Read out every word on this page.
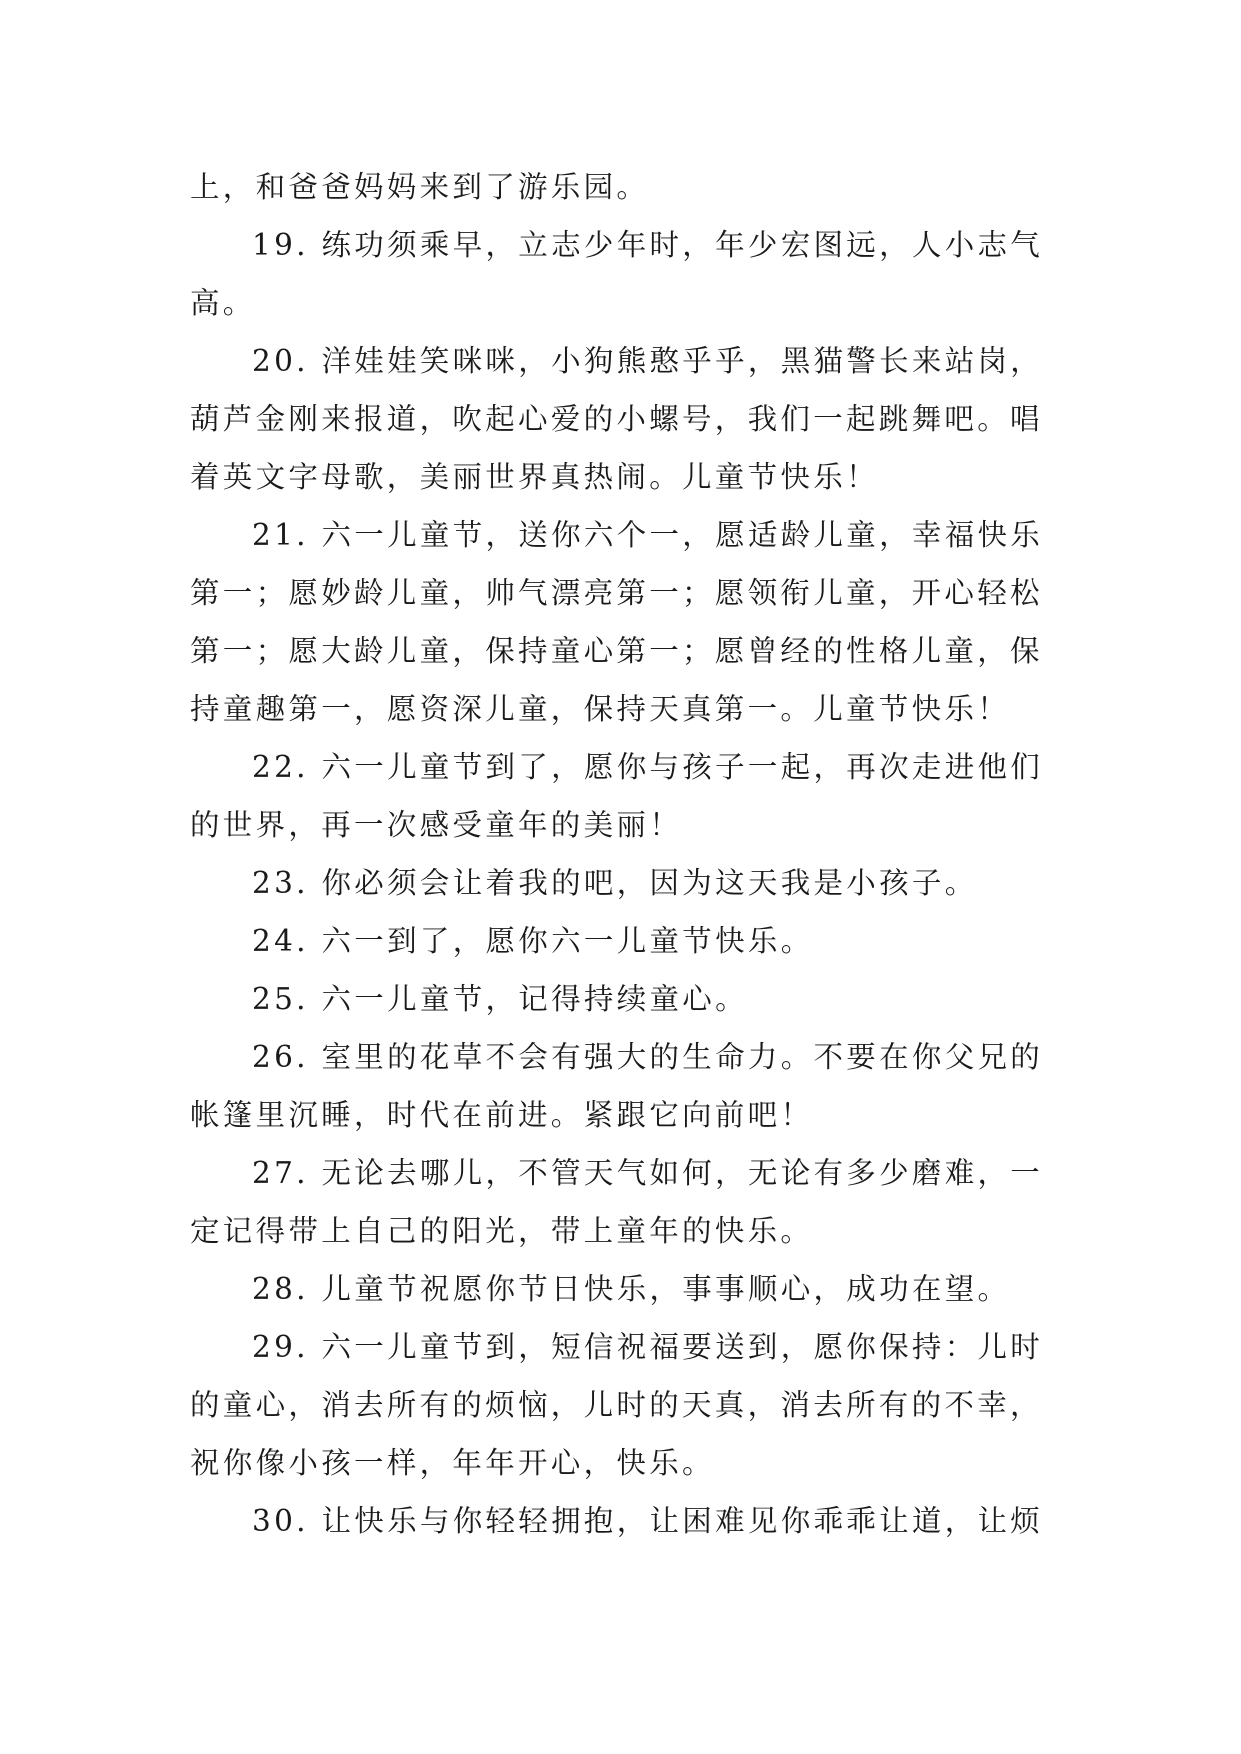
上，和爸爸妈妈来到了游乐园。

19. 练功须乘早，立志少年时，年少宏图远，人小志气高。

20. 洋娃娃笑咪咪，小狗熊憨乎乎，黑猫警长来站岗，葫芦金刚来报道，吹起心爱的小螺号，我们一起跳舞吧。唱着英文字母歌，美丽世界真热闹。儿童节快乐！

21. 六一儿童节，送你六个一，愿适龄儿童，幸福快乐第一；愿妙龄儿童，帅气漂亮第一；愿领衔儿童，开心轻松第一；愿大龄儿童，保持童心第一；愿曾经的性格儿童，保持童趣第一，愿资深儿童，保持天真第一。儿童节快乐！

22. 六一儿童节到了，愿你与孩子一起，再次走进他们的世界，再一次感受童年的美丽！

23. 你必须会让着我的吧，因为这天我是小孩子。

24. 六一到了，愿你六一儿童节快乐。

25. 六一儿童节，记得持续童心。

26. 室里的花草不会有强大的生命力。不要在你父兄的帐篷里沉睡，时代在前进。紧跟它向前吧！

27. 无论去哪儿，不管天气如何，无论有多少磨难，一定记得带上自己的阳光，带上童年的快乐。

28. 儿童节祝愿你节日快乐，事事顺心，成功在望。

29. 六一儿童节到，短信祝福要送到，愿你保持：儿时的童心，消去所有的烦恼，儿时的天真，消去所有的不幸，祝你像小孩一样，年年开心，快乐。

30. 让快乐与你轻轻拥抱，让困难见你乖乖让道，让烦
